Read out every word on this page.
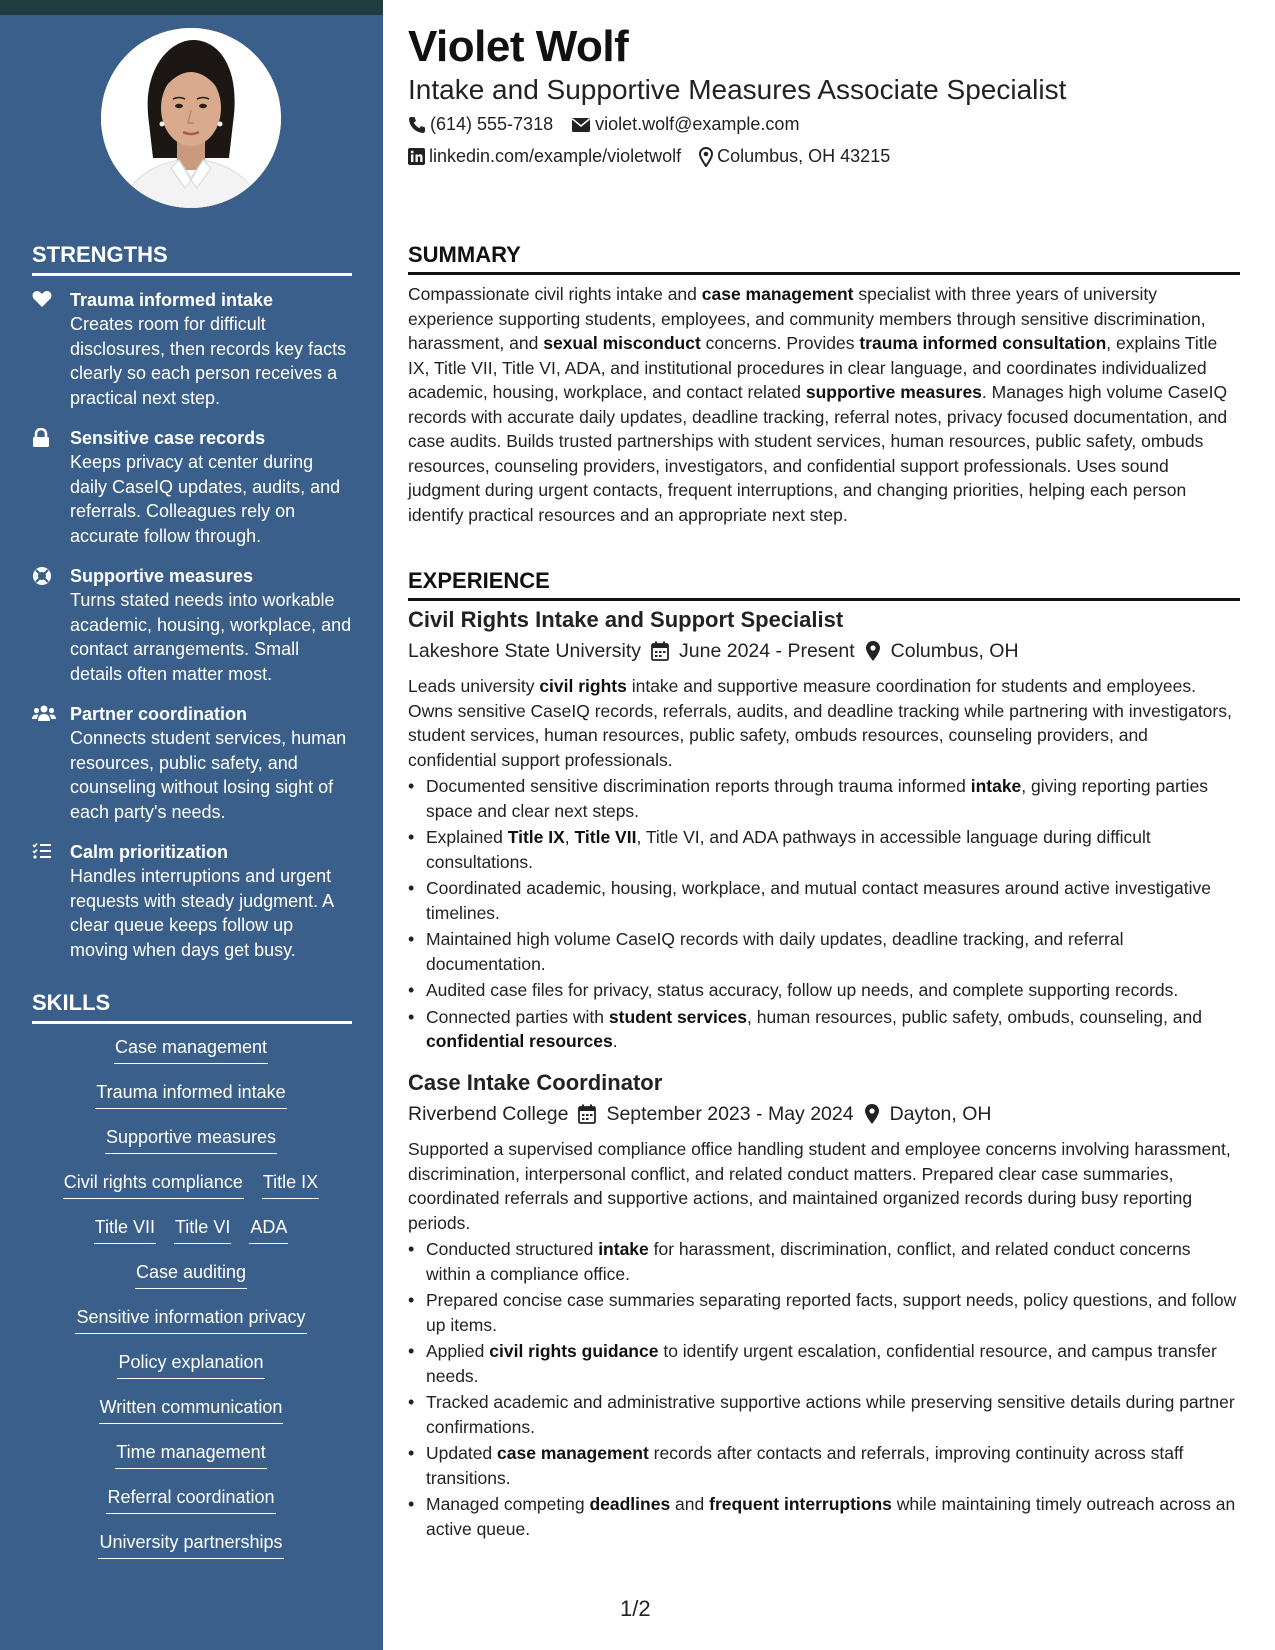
STRENGTHS
Trauma informed intake
Creates room for difficult disclosures, then records key facts clearly so each person receives a practical next step.
Sensitive case records
Keeps privacy at center during daily CaseIQ updates, audits, and referrals. Colleagues rely on accurate follow through.
Supportive measures
Turns stated needs into workable academic, housing, workplace, and contact arrangements. Small details often matter most.
Partner coordination
Connects student services, human resources, public safety, and counseling without losing sight of each party's needs.
Calm prioritization
Handles interruptions and urgent requests with steady judgment. A clear queue keeps follow up moving when days get busy.
SKILLS
Case management
Trauma informed intake
Supportive measures
Civil rights compliance Title IX
Title VII Title VI ADA
Case auditing
Sensitive information privacy
Policy explanation
Written communication
Time management
Referral coordination
University partnerships
Violet Wolf
Intake and Supportive Measures Associate Specialist
(614) 555-7318 violet.wolf@example.com
linkedin.com/example/violetwolf Columbus, OH 43215
SUMMARY
Compassionate civil rights intake and case management specialist with three years of university experience supporting students, employees, and community members through sensitive discrimination, harassment, and sexual misconduct concerns. Provides trauma informed consultation, explains Title IX, Title VII, Title VI, ADA, and institutional procedures in clear language, and coordinates individualized academic, housing, workplace, and contact related supportive measures. Manages high volume CaseIQ records with accurate daily updates, deadline tracking, referral notes, privacy focused documentation, and case audits. Builds trusted partnerships with student services, human resources, public safety, ombuds resources, counseling providers, investigators, and confidential support professionals. Uses sound judgment during urgent contacts, frequent interruptions, and changing priorities, helping each person identify practical resources and an appropriate next step.
EXPERIENCE
Civil Rights Intake and Support Specialist
Lakeshore State University June 2024 - Present Columbus, OH
Leads university civil rights intake and supportive measure coordination for students and employees. Owns sensitive CaseIQ records, referrals, audits, and deadline tracking while partnering with investigators, student services, human resources, public safety, ombuds resources, counseling providers, and confidential support professionals.
• Documented sensitive discrimination reports through trauma informed intake, giving reporting parties space and clear next steps.
• Explained Title IX, Title VII, Title VI, and ADA pathways in accessible language during difficult consultations.
• Coordinated academic, housing, workplace, and mutual contact measures around active investigative timelines.
• Maintained high volume CaseIQ records with daily updates, deadline tracking, and referral documentation.
• Audited case files for privacy, status accuracy, follow up needs, and complete supporting records.
• Connected parties with student services, human resources, public safety, ombuds, counseling, and confidential resources.
Case Intake Coordinator
Riverbend College September 2023 - May 2024 Dayton, OH
Supported a supervised compliance office handling student and employee concerns involving harassment, discrimination, interpersonal conflict, and related conduct matters. Prepared clear case summaries, coordinated referrals and supportive actions, and maintained organized records during busy reporting periods.
• Conducted structured intake for harassment, discrimination, conflict, and related conduct concerns within a compliance office.
• Prepared concise case summaries separating reported facts, support needs, policy questions, and follow up items.
• Applied civil rights guidance to identify urgent escalation, confidential resource, and campus transfer needs.
• Tracked academic and administrative supportive actions while preserving sensitive details during partner confirmations.
• Updated case management records after contacts and referrals, improving continuity across staff transitions.
• Managed competing deadlines and frequent interruptions while maintaining timely outreach across an active queue.
1/2
